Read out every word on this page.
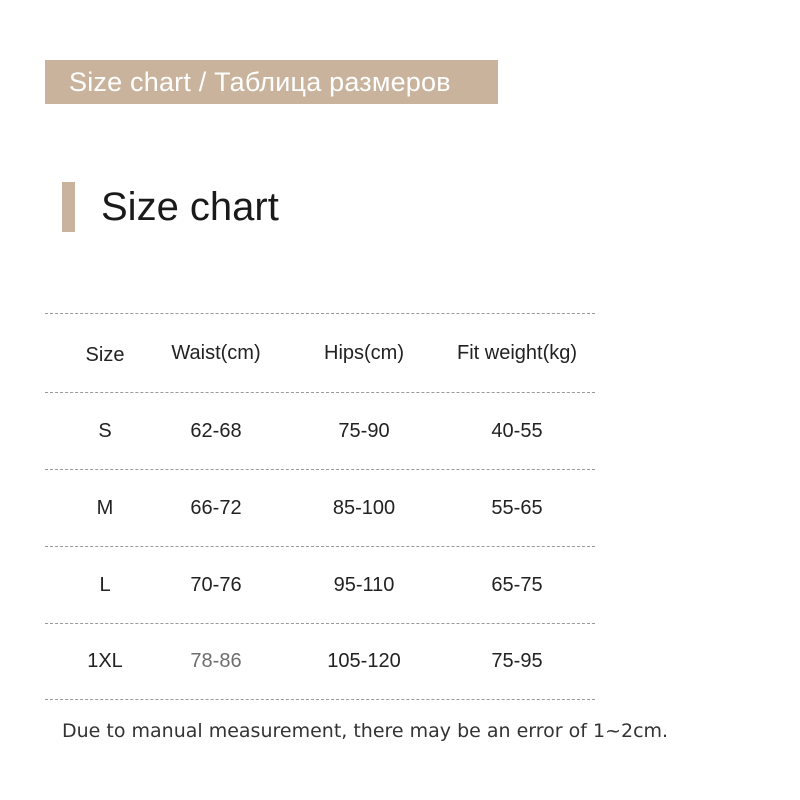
Size chart / Таблица размеров
Size chart
Size	Waist(cm)	Hips(cm)	Fit weight(kg)
S	62-68	75-90	40-55
M	66-72	85-100	55-65
L	70-76	95-110	65-75
1XL	78-86	105-120	75-95
Due to manual measurement, there may be an error of 1~2cm.
